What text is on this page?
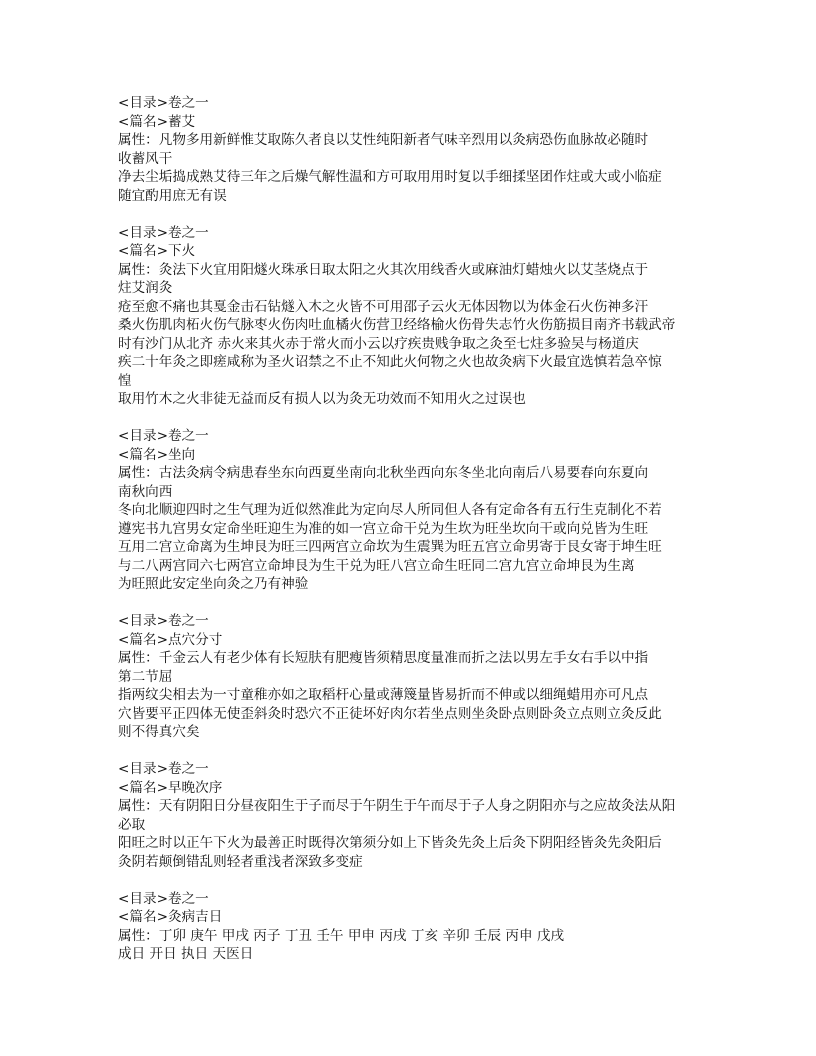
<目录>卷之一
<篇名>蓄艾
属性：凡物多用新鲜惟艾取陈久者良以艾性纯阳新者气味辛烈用以灸病恐伤血脉故必随时
收蓄风干
净去尘垢捣成熟艾待三年之后燥气解性温和方可取用用时复以手细揉坚团作炷或大或小临症
随宜酌用庶无有误
<目录>卷之一
<篇名>下火
属性：灸法下火宜用阳燧火珠承日取太阳之火其次用线香火或麻油灯蜡烛火以艾茎烧点于
炷艾润灸
疮至愈不痛也其戛金击石钻燧入木之火皆不可用邵子云火无体因物以为体金石火伤神多汗
桑火伤肌肉柘火伤气脉枣火伤肉吐血橘火伤营卫经络榆火伤骨失志竹火伤筋损目南齐书载武帝
时有沙门从北齐 赤火来其火赤于常火而小云以疗疾贵贱争取之灸至七炷多验吴与杨道庆
疾二十年灸之即瘥咸称为圣火诏禁之不止不知此火何物之火也故灸病下火最宜选慎若急卒惊
惶
取用竹木之火非徒无益而反有损人以为灸无功效而不知用火之过误也
<目录>卷之一
<篇名>坐向
属性：古法灸病令病患春坐东向西夏坐南向北秋坐西向东冬坐北向南后八易要春向东夏向
南秋向西
冬向北顺迎四时之生气理为近似然准此为定向尽人所同但人各有定命各有五行生克制化不若
遵宪书九宫男女定命坐旺迎生为准的如一宫立命干兑为生坎为旺坐坎向干或向兑皆为生旺
互用二宫立命离为生坤艮为旺三四两宫立命坎为生震巽为旺五宫立命男寄于艮女寄于坤生旺
与二八两宫同六七两宫立命坤艮为生干兑为旺八宫立命生旺同二宫九宫立命坤艮为生离
为旺照此安定坐向灸之乃有神验
<目录>卷之一
<篇名>点穴分寸
属性：千金云人有老少体有长短肤有肥瘦皆须精思度量准而折之法以男左手女右手以中指
第二节屈
指两纹尖相去为一寸童稚亦如之取稻杆心量或薄篾量皆易折而不伸或以细绳蜡用亦可凡点
穴皆要平正四体无使歪斜灸时恐穴不正徒坏好肉尔若坐点则坐灸卧点则卧灸立点则立灸反此
则不得真穴矣
<目录>卷之一
<篇名>早晚次序
属性：天有阴阳日分昼夜阳生于子而尽于午阴生于午而尽于子人身之阴阳亦与之应故灸法从阳
必取
阳旺之时以正午下火为最善正时既得次第须分如上下皆灸先灸上后灸下阴阳经皆灸先灸阳后
灸阴若颠倒错乱则轻者重浅者深致多变症
<目录>卷之一
<篇名>灸病吉日
属性：丁卯 庚午 甲戌 丙子 丁丑 壬午 甲申 丙戌 丁亥 辛卯 壬辰 丙申 戊戌
成日 开日 执日 天医日
